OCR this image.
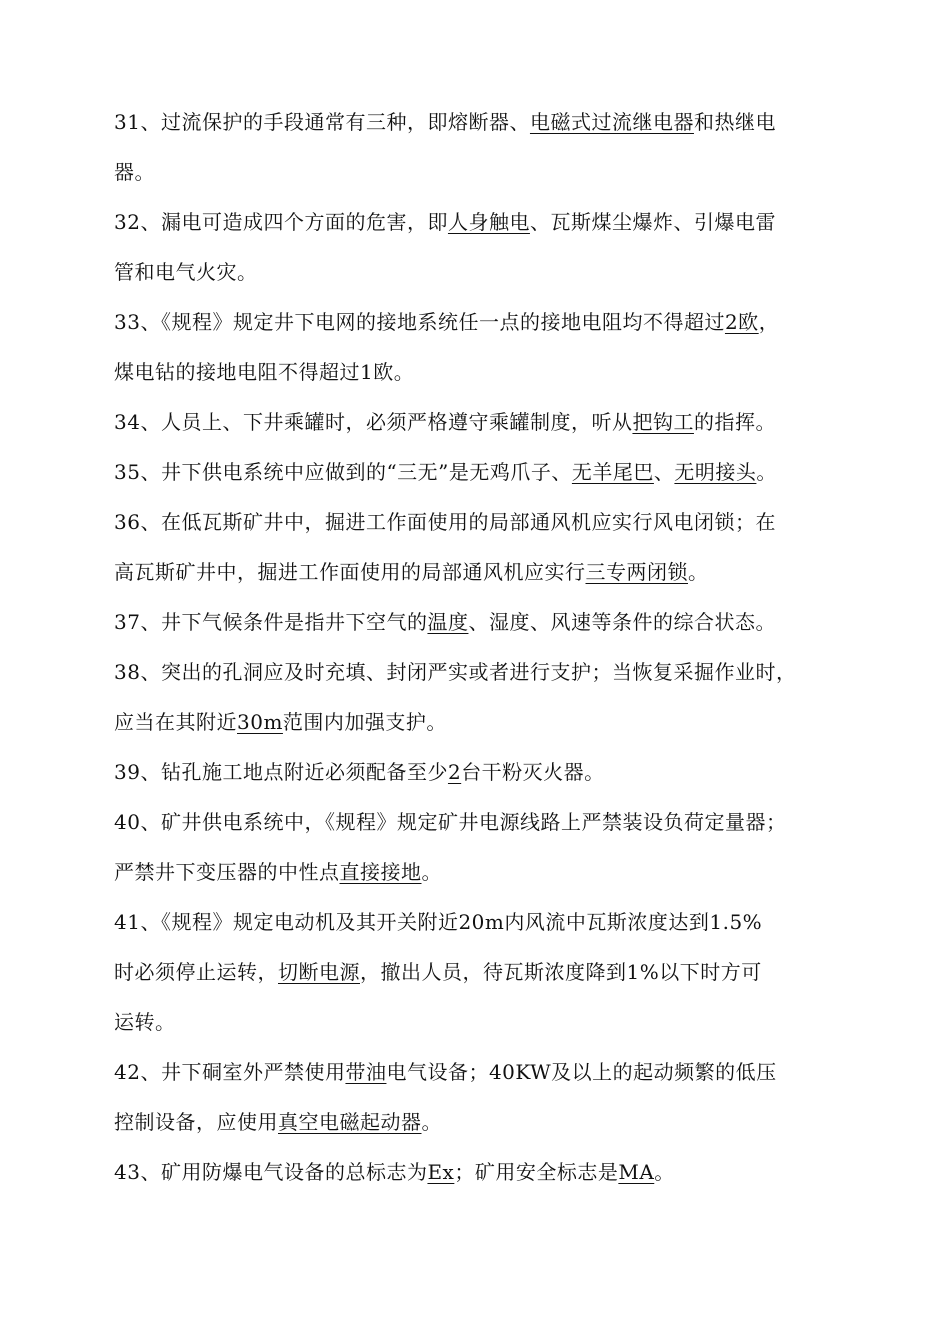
31、过流保护的手段通常有三种，即熔断器、电磁式过流继电器和热继电
器。
32、漏电可造成四个方面的危害，即人身触电、瓦斯煤尘爆炸、引爆电雷
管和电气火灾。
33、《规程》规定井下电网的接地系统任一点的接地电阻均不得超过2欧，
煤电钻的接地电阻不得超过1欧。
34、人员上、下井乘罐时，必须严格遵守乘罐制度，听从把钩工的指挥。
35、井下供电系统中应做到的“三无”是无鸡爪子、无羊尾巴、无明接头。
36、在低瓦斯矿井中，掘进工作面使用的局部通风机应实行风电闭锁；在
高瓦斯矿井中，掘进工作面使用的局部通风机应实行三专两闭锁。
37、井下气候条件是指井下空气的温度、湿度、风速等条件的综合状态。
38、突出的孔洞应及时充填、封闭严实或者进行支护；当恢复采掘作业时，
应当在其附近30m范围内加强支护。
39、钻孔施工地点附近必须配备至少2台干粉灭火器。
40、矿井供电系统中，《规程》规定矿井电源线路上严禁装设负荷定量器；
严禁井下变压器的中性点直接接地。
41、《规程》规定电动机及其开关附近20m内风流中瓦斯浓度达到1.5%
时必须停止运转，切断电源，撤出人员，待瓦斯浓度降到1%以下时方可
运转。
42、井下硐室外严禁使用带油电气设备；40KW及以上的起动频繁的低压
控制设备，应使用真空电磁起动器。
43、矿用防爆电气设备的总标志为Ex；矿用安全标志是MA。
